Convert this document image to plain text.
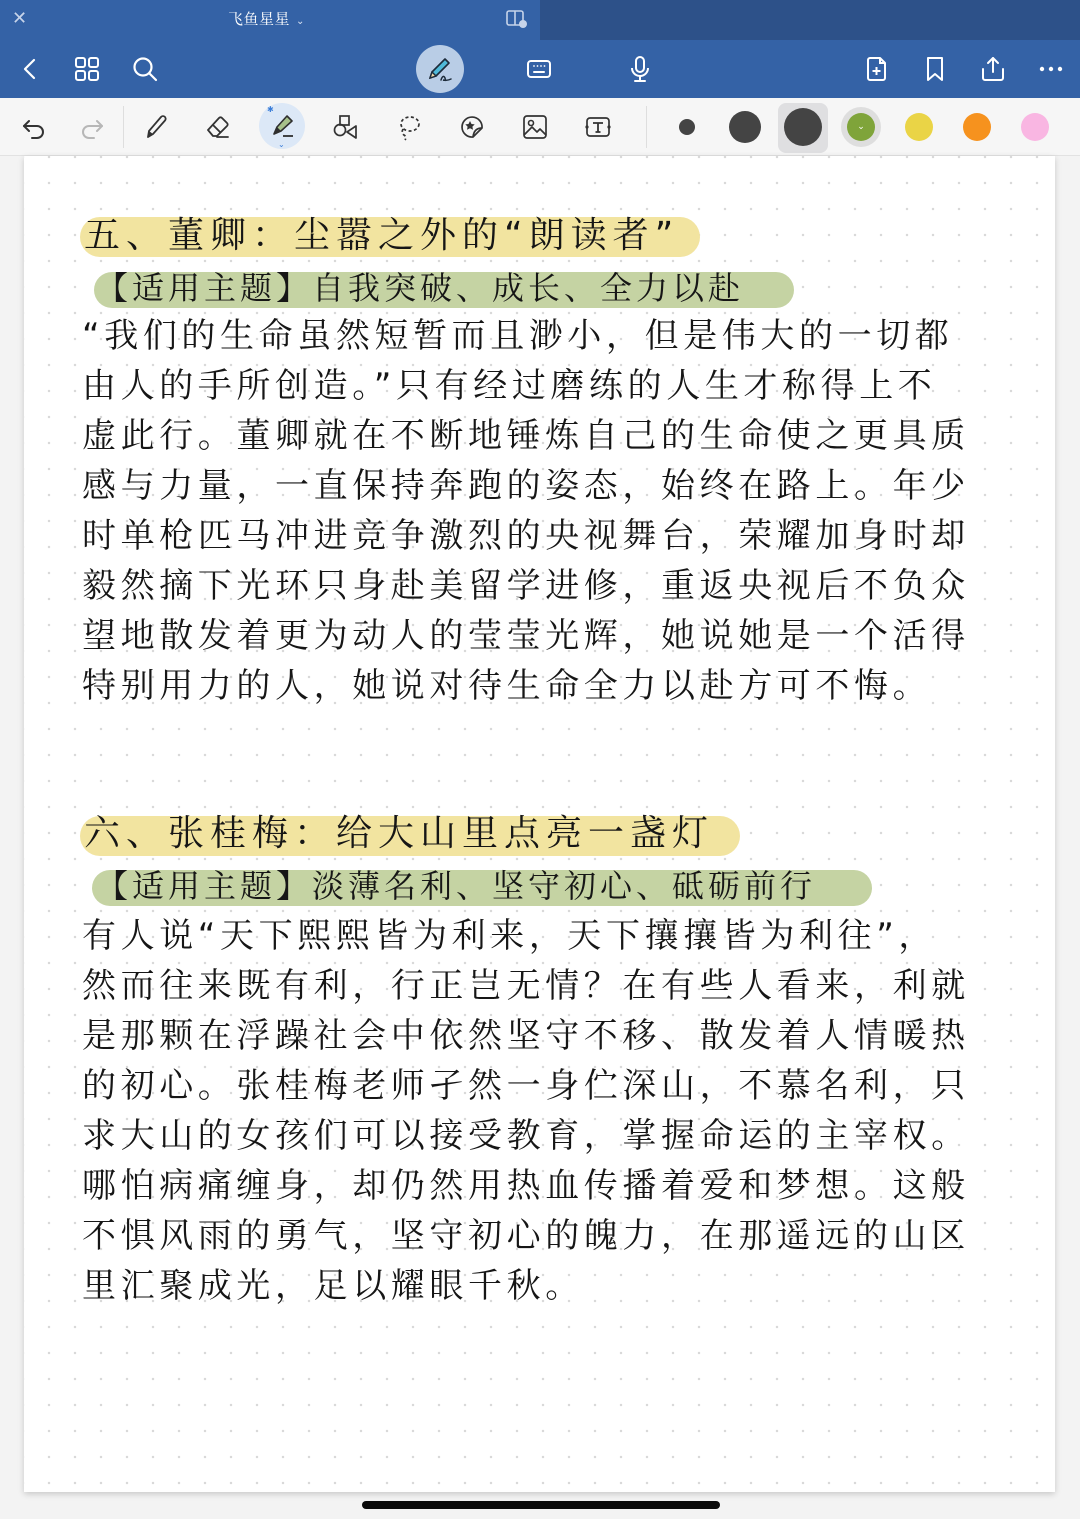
✕	飞鱼星星 ⌄
✱
⌄
⌄
五、董卿：尘嚣之外的“朗读者”
【适用主题】自我突破、成长、全力以赴
“我们的生命虽然短暂而且渺小，但是伟大的一切都
由人的手所创造。”只有经过磨练的人生才称得上不
虚此行。董卿就在不断地锤炼自己的生命使之更具质
感与力量，一直保持奔跑的姿态，始终在路上。年少
时单枪匹马冲进竞争激烈的央视舞台，荣耀加身时却
毅然摘下光环只身赴美留学进修，重返央视后不负众
望地散发着更为动人的莹莹光辉，她说她是一个活得
特别用力的人，她说对待生命全力以赴方可不悔。
六、张桂梅：给大山里点亮一盏灯
【适用主题】淡薄名利、坚守初心、砥砺前行
有人说“天下熙熙皆为利来，天下攘攘皆为利往”，
然而往来既有利，行正岂无情？在有些人看来，利就
是那颗在浮躁社会中依然坚守不移、散发着人情暖热
的初心。张桂梅老师孑然一身伫深山，不慕名利，只
求大山的女孩们可以接受教育，掌握命运的主宰权。
哪怕病痛缠身，却仍然用热血传播着爱和梦想。这般
不惧风雨的勇气，坚守初心的魄力，在那遥远的山区
里汇聚成光，足以耀眼千秋。
